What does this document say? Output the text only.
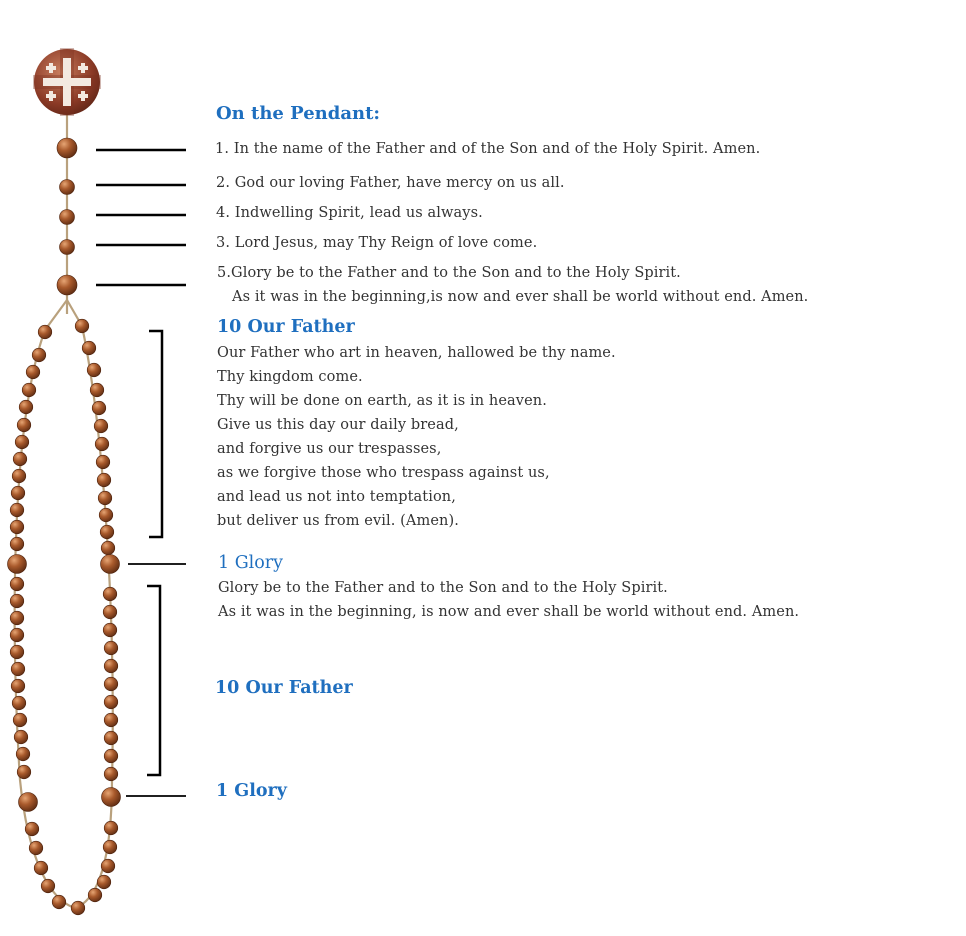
On the Pendant:
1. In the name of the Father and of the Son and of the Holy Spirit. Amen.
2. God our loving Father, have mercy on us all.
4. Indwelling Spirit, lead us always.
3. Lord Jesus, may Thy Reign of love come.
5.Glory be to the Father and to the Son and to the Holy Spirit.
As it was in the beginning,is now and ever shall be world without end. Amen.
10 Our Father
Our Father who art in heaven, hallowed be thy name.
Thy kingdom come.
Thy will be done on earth, as it is in heaven.
Give us this day our daily bread,
and forgive us our trespasses,
as we forgive those who trespass against us,
and lead us not into temptation,
but deliver us from evil. (Amen).
1 Glory
Glory be to the Father and to the Son and to the Holy Spirit.
As it was in the beginning, is now and ever shall be world without end. Amen.
10 Our Father
1 Glory
